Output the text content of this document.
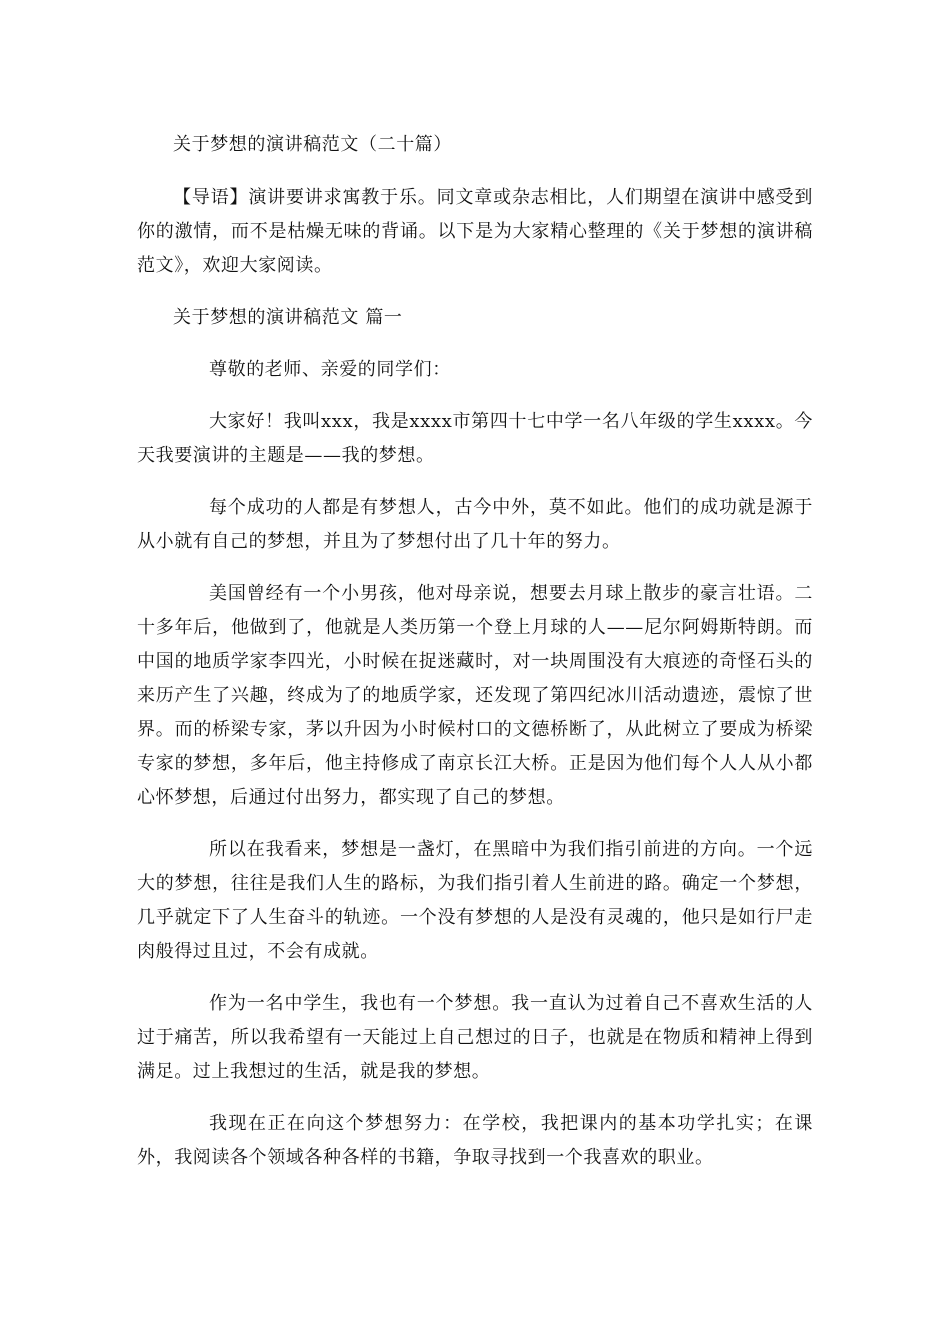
关于梦想的演讲稿范文（二十篇）

【导语】演讲要讲求寓教于乐。同文章或杂志相比，人们期望在演讲中感受到你的激情，而不是枯燥无味的背诵。以下是为大家精心整理的《关于梦想的演讲稿范文》，欢迎大家阅读。

关于梦想的演讲稿范文 篇一

尊敬的老师、亲爱的同学们：

大家好！我叫xxx，我是xxxx市第四十七中学一名八年级的学生xxxx。今天我要演讲的主题是——我的梦想。

每个成功的人都是有梦想人，古今中外，莫不如此。他们的成功就是源于从小就有自己的梦想，并且为了梦想付出了几十年的努力。

美国曾经有一个小男孩，他对母亲说，想要去月球上散步的豪言壮语。二十多年后，他做到了，他就是人类历第一个登上月球的人——尼尔阿姆斯特朗。而中国的地质学家李四光，小时候在捉迷藏时，对一块周围没有大痕迹的奇怪石头的来历产生了兴趣，终成为了的地质学家，还发现了第四纪冰川活动遗迹，震惊了世界。而的桥梁专家，茅以升因为小时候村口的文德桥断了，从此树立了要成为桥梁专家的梦想，多年后，他主持修成了南京长江大桥。正是因为他们每个人人从小都心怀梦想，后通过付出努力，都实现了自己的梦想。

所以在我看来，梦想是一盏灯，在黑暗中为我们指引前进的方向。一个远大的梦想，往往是我们人生的路标，为我们指引着人生前进的路。确定一个梦想，几乎就定下了人生奋斗的轨迹。一个没有梦想的人是没有灵魂的，他只是如行尸走肉般得过且过，不会有成就。

作为一名中学生，我也有一个梦想。我一直认为过着自己不喜欢生活的人过于痛苦，所以我希望有一天能过上自己想过的日子，也就是在物质和精神上得到满足。过上我想过的生活，就是我的梦想。

我现在正在向这个梦想努力：在学校，我把课内的基本功学扎实；在课外，我阅读各个领域各种各样的书籍，争取寻找到一个我喜欢的职业。
